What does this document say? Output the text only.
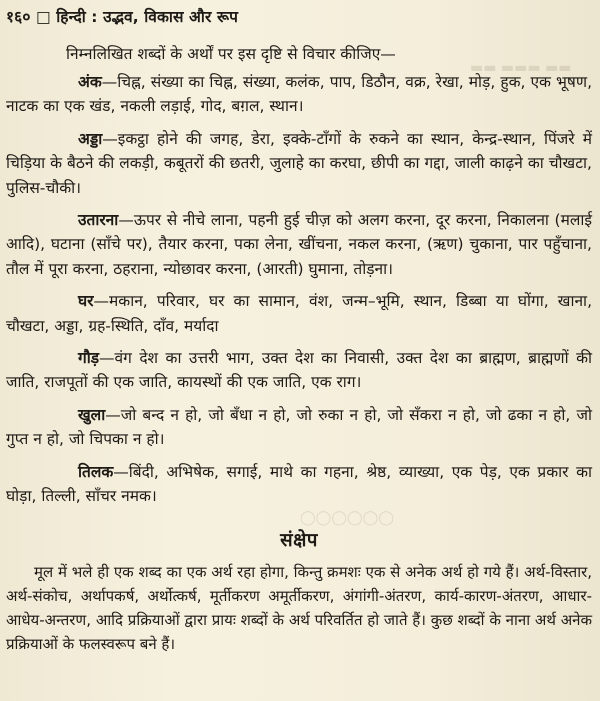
▬▬ ▬▬▬ ▬▬
◯◯◯◯◯◯
१६० □ हिन्दी : उद्भव, विकास और रूप

निम्नलिखित शब्दों के अर्थों पर इस दृष्टि से विचार कीजिए—

अंक—चिह्न, संख्या का चिह्न, संख्या, कलंक, पाप, डिठौन, वक्र, रेखा, मोड़, हुक, एक भूषण, नाटक का एक खंड, नकली लड़ाई, गोद, बग़ल, स्थान।

अड्डा—इकट्ठा होने की जगह, डेरा, इक्के-टाँगों के रुकने का स्थान, केन्द्र-स्थान, पिंजरे में चिड़िया के बैठने की लकड़ी, कबूतरों की छतरी, जुलाहे का करघा, छीपी का गद्दा, जाली काढ़ने का चौखटा, पुलिस-चौकी।

उतारना—ऊपर से नीचे लाना, पहनी हुई चीज़ को अलग करना, दूर करना, निकालना (मलाई आदि), घटाना (साँचे पर), तैयार करना, पका लेना, खींचना, नकल करना, (ऋण) चुकाना, पार पहुँचाना, तौल में पूरा करना, ठहराना, न्योछावर करना, (आरती) घुमाना, तोड़ना।

घर—मकान, परिवार, घर का सामान, वंश, जन्म–भूमि, स्थान, डिब्बा या घोंगा, खाना, चौखटा, अड्डा, ग्रह-स्थिति, दाँव, मर्यादा

गौड़—वंग देश का उत्तरी भाग, उक्त देश का निवासी, उक्त देश का ब्राह्मण, ब्राह्मणों की जाति, राजपूतों की एक जाति, कायस्थों की एक जाति, एक राग।

खुला—जो बन्द न हो, जो बँधा न हो, जो रुका न हो, जो सँकरा न हो, जो ढका न हो, जो गुप्त न हो, जो चिपका न हो।

तिलक—बिंदी, अभिषेक, सगाई, माथे का गहना, श्रेष्ठ, व्याख्या, एक पेड़, एक प्रकार का घोड़ा, तिल्ली, साँचर नमक।

संक्षेप

मूल में भले ही एक शब्द का एक अर्थ रहा होगा, किन्तु क्रमशः एक से अनेक अर्थ हो गये हैं। अर्थ-विस्तार, अर्थ-संकोच, अर्थापकर्ष, अर्थोत्कर्ष, मूर्तीकरण अमूर्तीकरण, अंगांगी-अंतरण, कार्य-कारण-अंतरण, आधार-आधेय-अन्तरण, आदि प्रक्रियाओं द्वारा प्रायः शब्दों के अर्थ परिवर्तित हो जाते हैं। कुछ शब्दों के नाना अर्थ अनेक प्रक्रियाओं के फलस्वरूप बने हैं।
